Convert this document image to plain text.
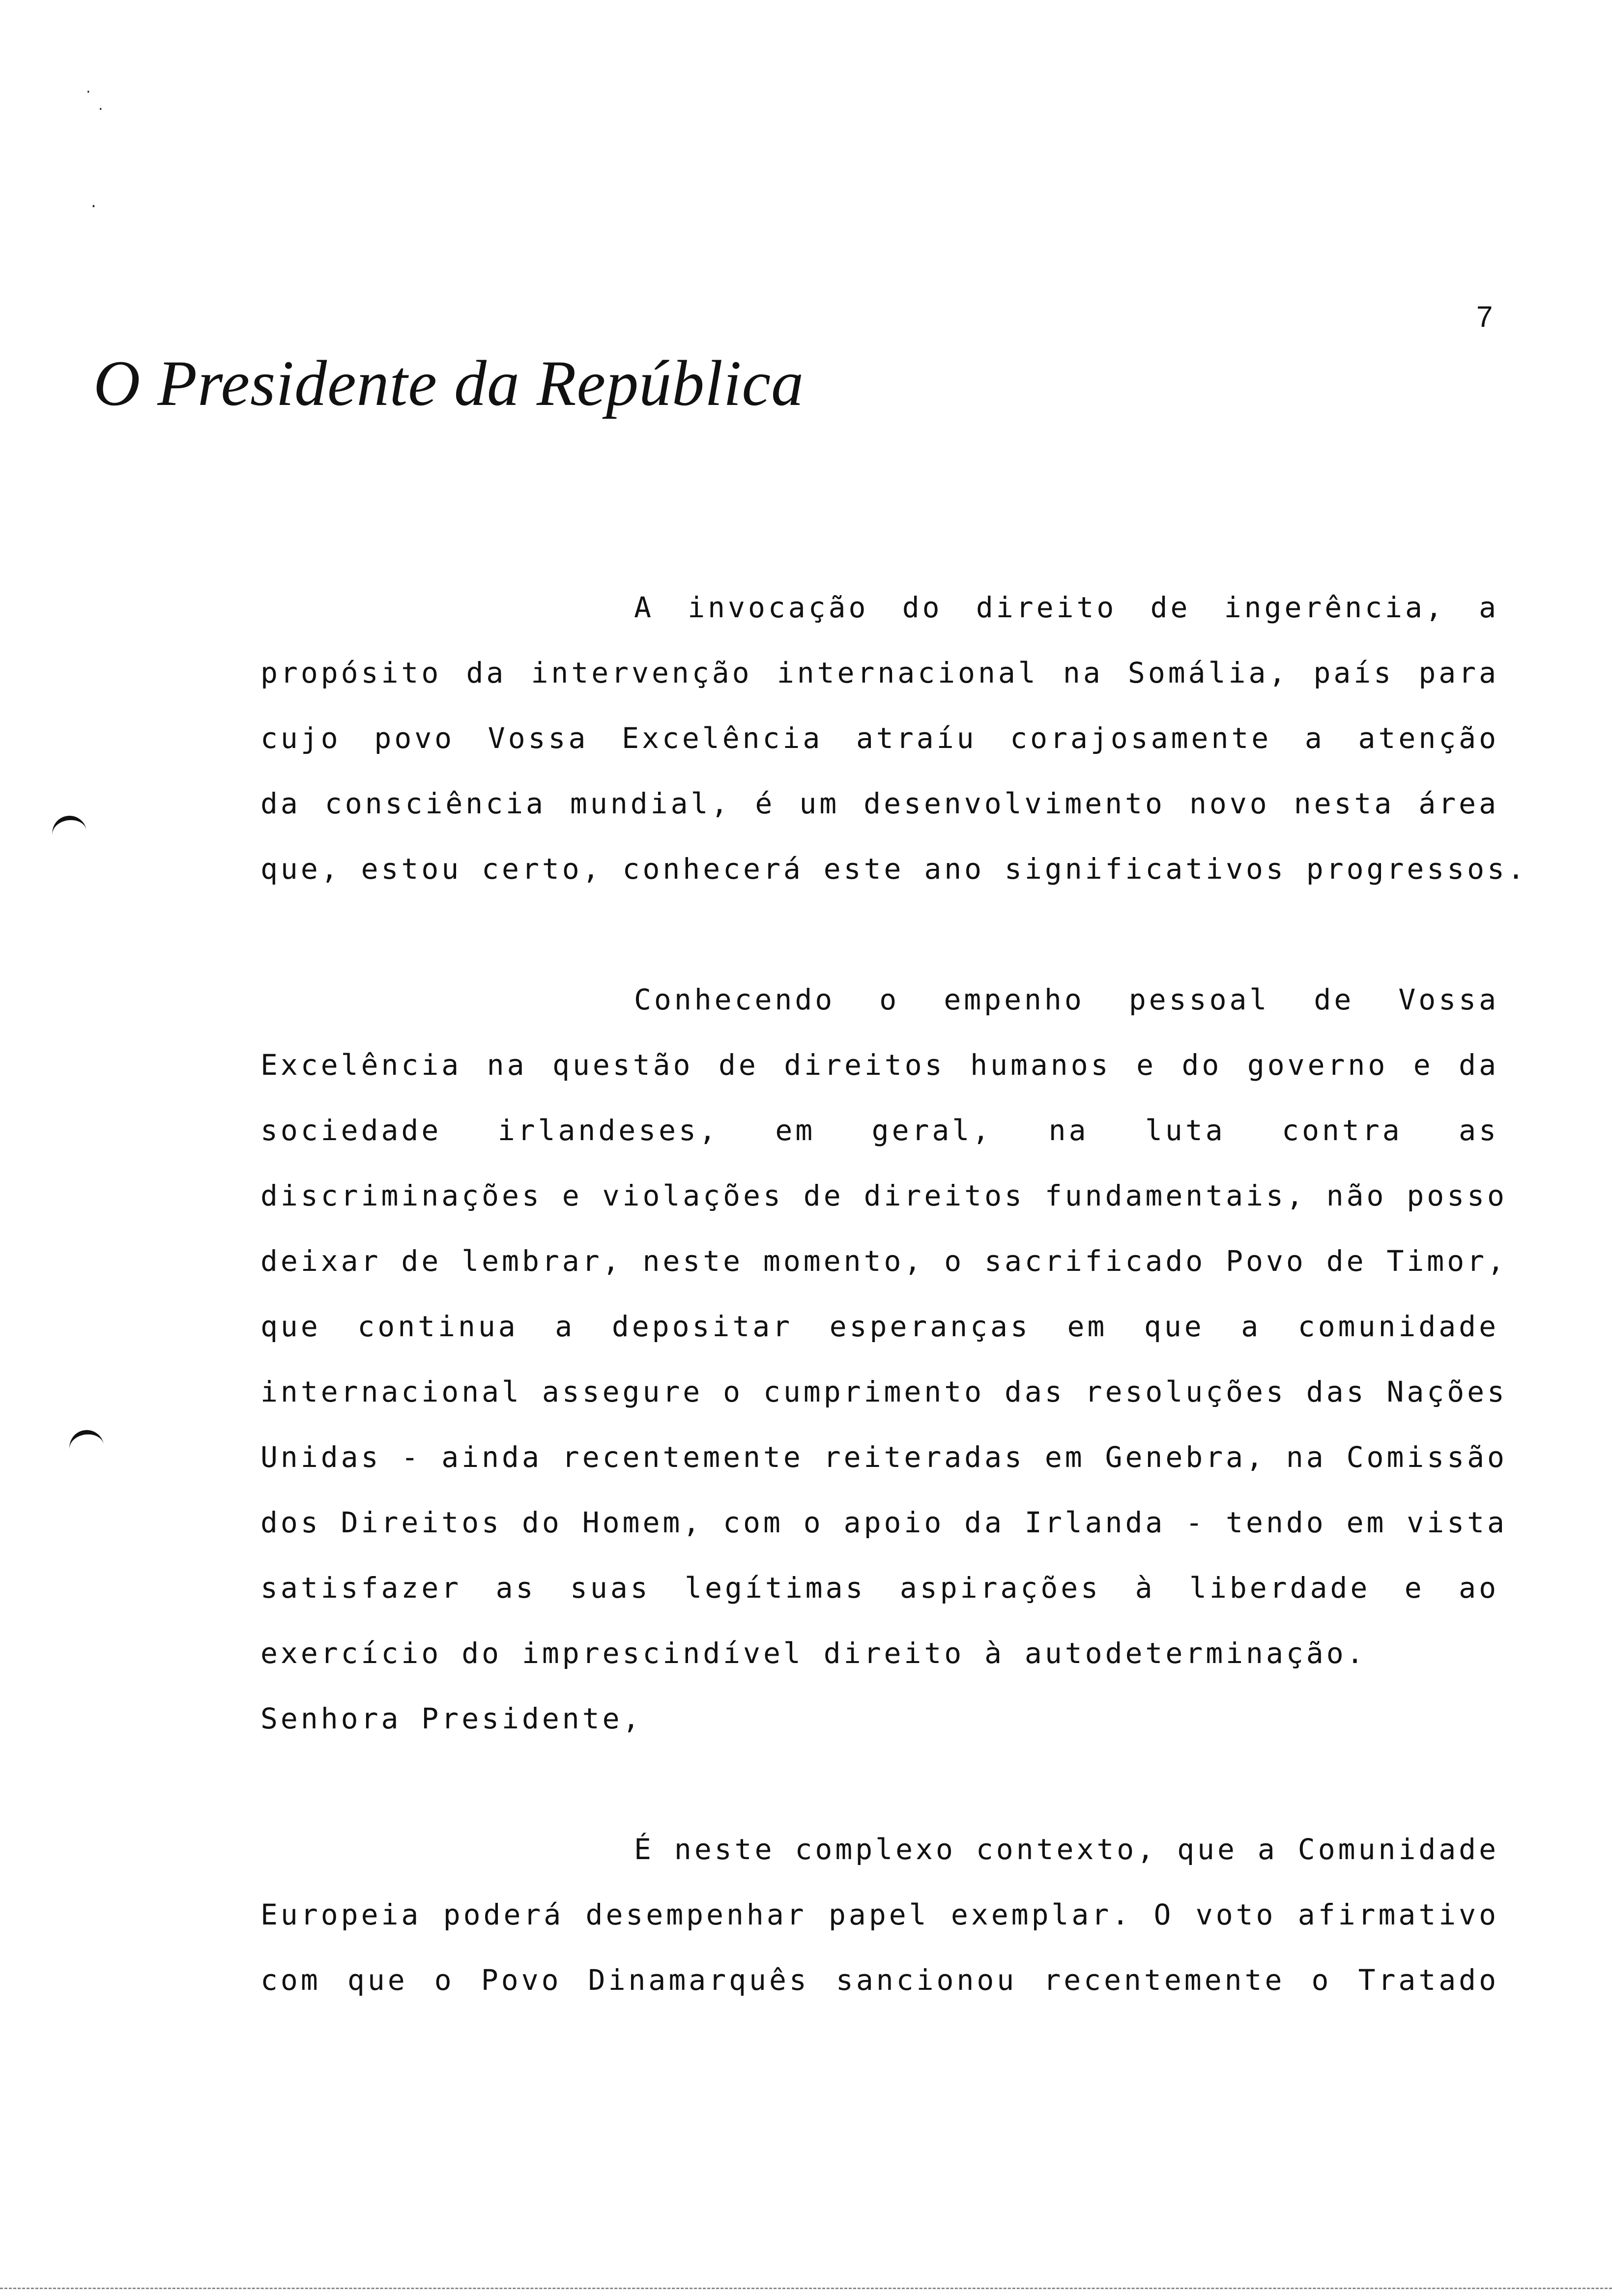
·
·
·
7
O Presidente da República
A invocação do direito de ingerência, a
propósito da intervenção internacional na Somália, país para
cujo povo Vossa Excelência atraíu corajosamente a atenção
da consciência mundial, é um desenvolvimento novo nesta área
que, estou certo, conhecerá este ano significativos progressos.
Conhecendo o empenho pessoal de Vossa
Excelência na questão de direitos humanos e do governo e da
sociedade irlandeses, em geral, na luta contra as
discriminações e violações de direitos fundamentais, não posso
deixar de lembrar, neste momento, o sacrificado Povo de Timor,
que continua a depositar esperanças em que a comunidade
internacional assegure o cumprimento das resoluções das Nações
Unidas - ainda recentemente reiteradas em Genebra, na Comissão
dos Direitos do Homem, com o apoio da Irlanda - tendo em vista
satisfazer as suas legítimas aspirações à liberdade e ao
exercício do imprescindível direito à autodeterminação.
Senhora Presidente,
É neste complexo contexto, que a Comunidade
Europeia poderá desempenhar papel exemplar. O voto afirmativo
com que o Povo Dinamarquês sancionou recentemente o Tratado
